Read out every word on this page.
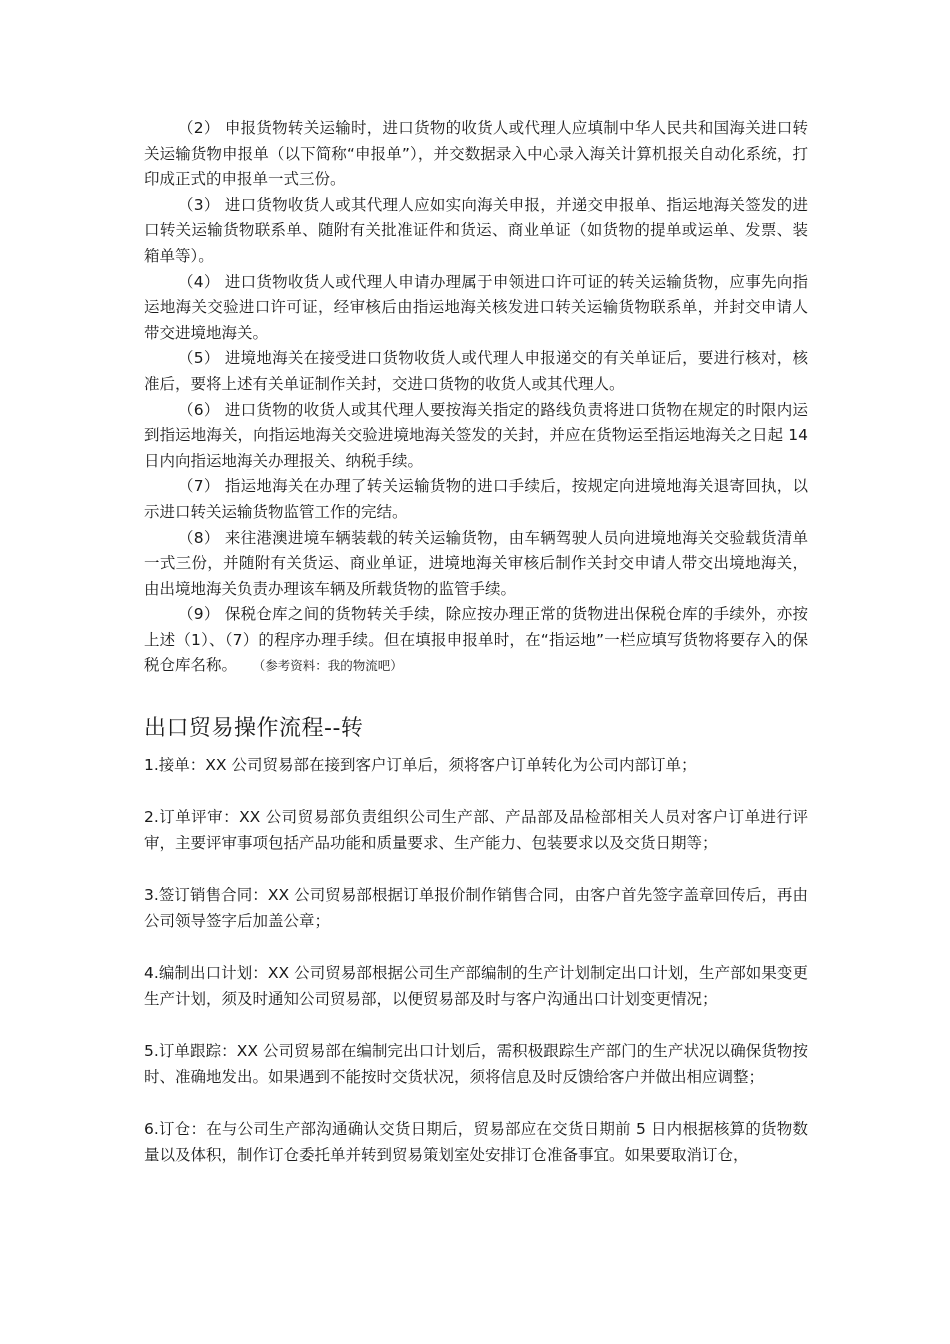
（2） 申报货物转关运输时，进口货物的收货人或代理人应填制中华人民共和国海关进口转关运输货物申报单（以下简称“申报单”），并交数据录入中心录入海关计算机报关自动化系统，打印成正式的申报单一式三份。

（3） 进口货物收货人或其代理人应如实向海关申报，并递交申报单、指运地海关签发的进口转关运输货物联系单、随附有关批准证件和货运、商业单证（如货物的提单或运单、发票、装箱单等）。

（4） 进口货物收货人或代理人申请办理属于申领进口许可证的转关运输货物，应事先向指运地海关交验进口许可证，经审核后由指运地海关核发进口转关运输货物联系单，并封交申请人带交进境地海关。

（5） 进境地海关在接受进口货物收货人或代理人申报递交的有关单证后，要进行核对，核准后，要将上述有关单证制作关封，交进口货物的收货人或其代理人。

（6） 进口货物的收货人或其代理人要按海关指定的路线负责将进口货物在规定的时限内运到指运地海关，向指运地海关交验进境地海关签发的关封，并应在货物运至指运地海关之日起 14 日内向指运地海关办理报关、纳税手续。

（7） 指运地海关在办理了转关运输货物的进口手续后，按规定向进境地海关退寄回执，以示进口转关运输货物监管工作的完结。

（8） 来往港澳进境车辆装载的转关运输货物，由车辆驾驶人员向进境地海关交验载货清单一式三份，并随附有关货运、商业单证，进境地海关审核后制作关封交申请人带交出境地海关，由出境地海关负责办理该车辆及所载货物的监管手续。

（9） 保税仓库之间的货物转关手续，除应按办理正常的货物进出保税仓库的手续外，亦按上述（1）、（7）的程序办理手续。但在填报申报单时，在“指运地”一栏应填写货物将要存入的保税仓库名称。 （参考资料：我的物流吧）

出口贸易操作流程--转

1.接单：XX 公司贸易部在接到客户订单后，须将客户订单转化为公司内部订单；

2.订单评审：XX 公司贸易部负责组织公司生产部、产品部及品检部相关人员对客户订单进行评审，主要评审事项包括产品功能和质量要求、生产能力、包装要求以及交货日期等；

3.签订销售合同：XX 公司贸易部根据订单报价制作销售合同，由客户首先签字盖章回传后，再由公司领导签字后加盖公章；

4.编制出口计划：XX 公司贸易部根据公司生产部编制的生产计划制定出口计划，生产部如果变更生产计划，须及时通知公司贸易部，以便贸易部及时与客户沟通出口计划变更情况；

5.订单跟踪：XX 公司贸易部在编制完出口计划后，需积极跟踪生产部门的生产状况以确保货物按时、准确地发出。如果遇到不能按时交货状况，须将信息及时反馈给客户并做出相应调整；

6.订仓：在与公司生产部沟通确认交货日期后，贸易部应在交货日期前 5 日内根据核算的货物数量以及体积，制作订仓委托单并转到贸易策划室处安排订仓准备事宜。如果要取消订仓，
